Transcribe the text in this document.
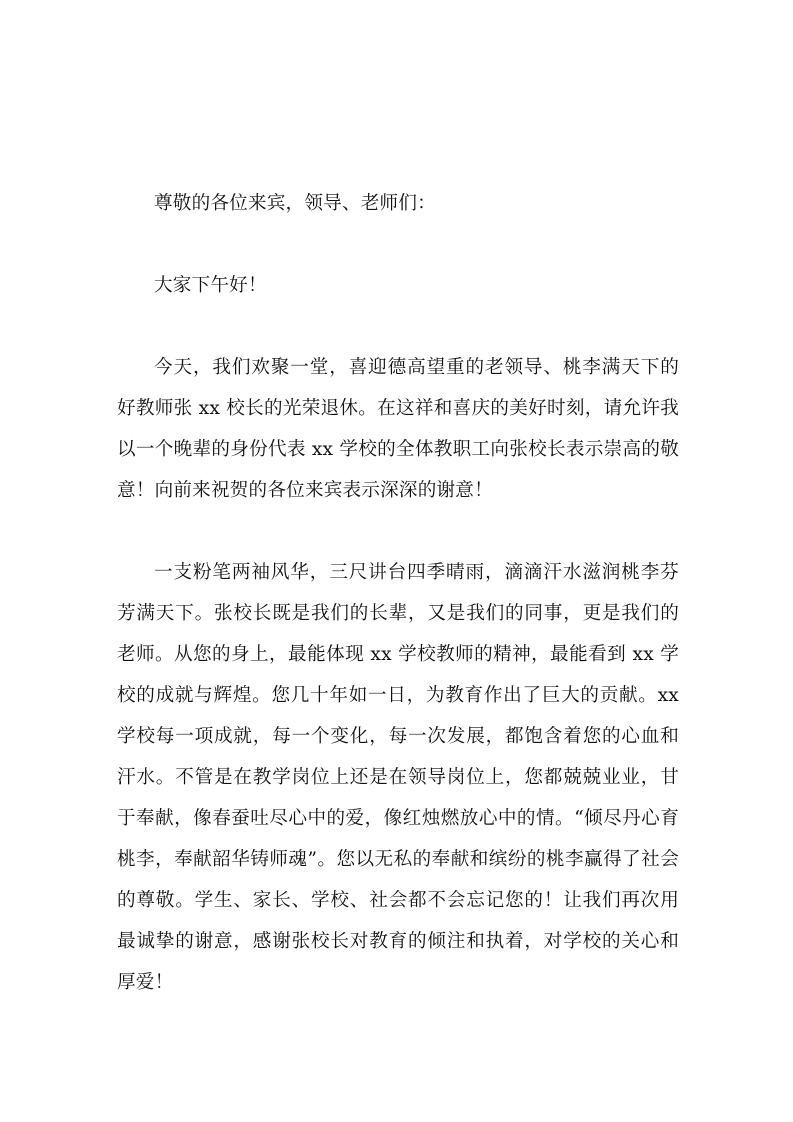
尊敬的各位来宾，领导、老师们：

大家下午好！

今天，我们欢聚一堂，喜迎德高望重的老领导、桃李满天下的好教师张 xx 校长的光荣退休。在这祥和喜庆的美好时刻，请允许我以一个晚辈的身份代表 xx 学校的全体教职工向张校长表示崇高的敬意！向前来祝贺的各位来宾表示深深的谢意！

一支粉笔两袖风华，三尺讲台四季晴雨，滴滴汗水滋润桃李芬芳满天下。张校长既是我们的长辈，又是我们的同事，更是我们的老师。从您的身上，最能体现 xx 学校教师的精神，最能看到 xx 学校的成就与辉煌。您几十年如一日，为教育作出了巨大的贡献。xx 学校每一项成就，每一个变化，每一次发展，都饱含着您的心血和汗水。不管是在教学岗位上还是在领导岗位上，您都兢兢业业，甘于奉献，像春蚕吐尽心中的爱，像红烛燃放心中的情。“倾尽丹心育桃李，奉献韶华铸师魂”。您以无私的奉献和缤纷的桃李赢得了社会的尊敬。学生、家长、学校、社会都不会忘记您的！让我们再次用最诚挚的谢意，感谢张校长对教育的倾注和执着，对学校的关心和厚爱！
